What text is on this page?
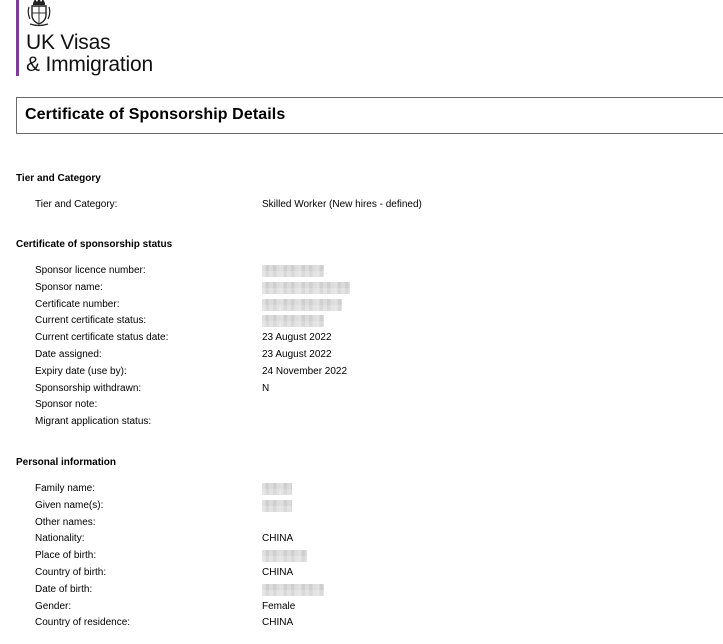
UK Visas
& Immigration
Certificate of Sponsorship Details
Tier and Category
Tier and Category:	Skilled Worker (New hires - defined)
Certificate of sponsorship status
Sponsor licence number:
Sponsor name:
Certificate number:
Current certificate status:
Current certificate status date:	23 August 2022
Date assigned:	23 August 2022
Expiry date (use by):	24 November 2022
Sponsorship withdrawn:	N
Sponsor note:
Migrant application status:
Personal information
Family name:
Given name(s):
Other names:
Nationality:	CHINA
Place of birth:
Country of birth:	CHINA
Date of birth:
Gender:	Female
Country of residence:	CHINA
